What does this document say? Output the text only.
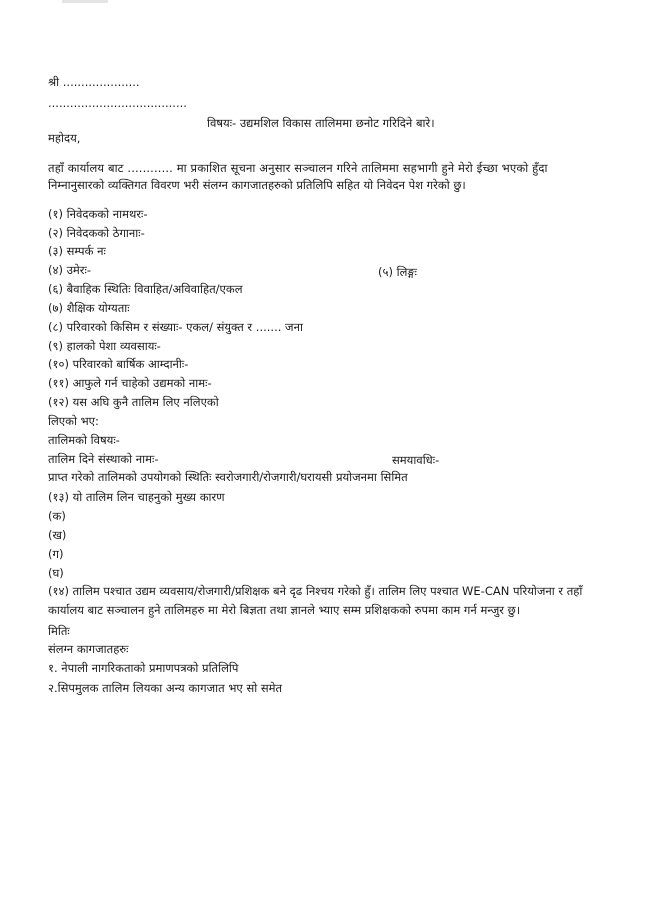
श्री .....................
......................................
विषयः- उद्यमशिल विकास तालिममा छनोट गरिदिने बारे।
महोदय,
तहाँ कार्यालय बाट ............ मा प्रकाशित सूचना अनुसार सञ्चालन गरिने तालिममा सहभागी हुने मेरो ईच्छा भएको हुँदा
निम्नानुसारको व्यक्तिगत विवरण भरी संलग्न कागजातहरुको प्रतिलिपि सहित यो निवेदन पेश गरेको छु।
(१) निवेदकको नामथरः-
(२) निवेदकको ठेगानाः-
(३) सम्पर्क नः
(४) उमेरः-	(५) लिङ्गः
(६) बैवाहिक स्थितिः विवाहित/अविवाहित/एकल
(७) शैक्षिक योग्यताः
(८) परिवारको किसिम र संख्याः- एकल/ संयुक्त र ....... जना
(९) हालको पेशा व्यवसायः-
(१०) परिवारको बार्षिक आम्दानीः-
(११) आफुले गर्न चाहेको उद्यमको नामः-
(१२) यस अघि कुनै तालिम लिए नलिएको
लिएको भए:
तालिमको विषयः-
तालिम दिने संस्थाको नामः-	समयावधिः-
प्राप्त गरेको तालिमको उपयोगको स्थितिः स्वरोजगारी/रोजगारी/घरायसी प्रयोजनमा सिमित
(१३) यो तालिम लिन चाहनुको मुख्य कारण
(क)
(ख)
(ग)
(घ)
(१४) तालिम पश्चात उद्यम व्यवसाय/रोजगारी/प्रशिक्षक बने दृढ निश्चय गरेको हुँ। तालिम लिए पश्चात WE-CAN परियोजना र तहाँ
कार्यालय बाट सञ्चालन हुने तालिमहरु मा मेरो बिज्ञता तथा ज्ञानले भ्याए सम्म प्रशिक्षकको रुपमा काम गर्न मन्जुर छु।
मितिः
संलग्न कागजातहरुः
१. नेपाली नागरिकताको प्रमाणपत्रको प्रतिलिपि
२.सिपमुलक तालिम लियका अन्य कागजात भए सो समेत
